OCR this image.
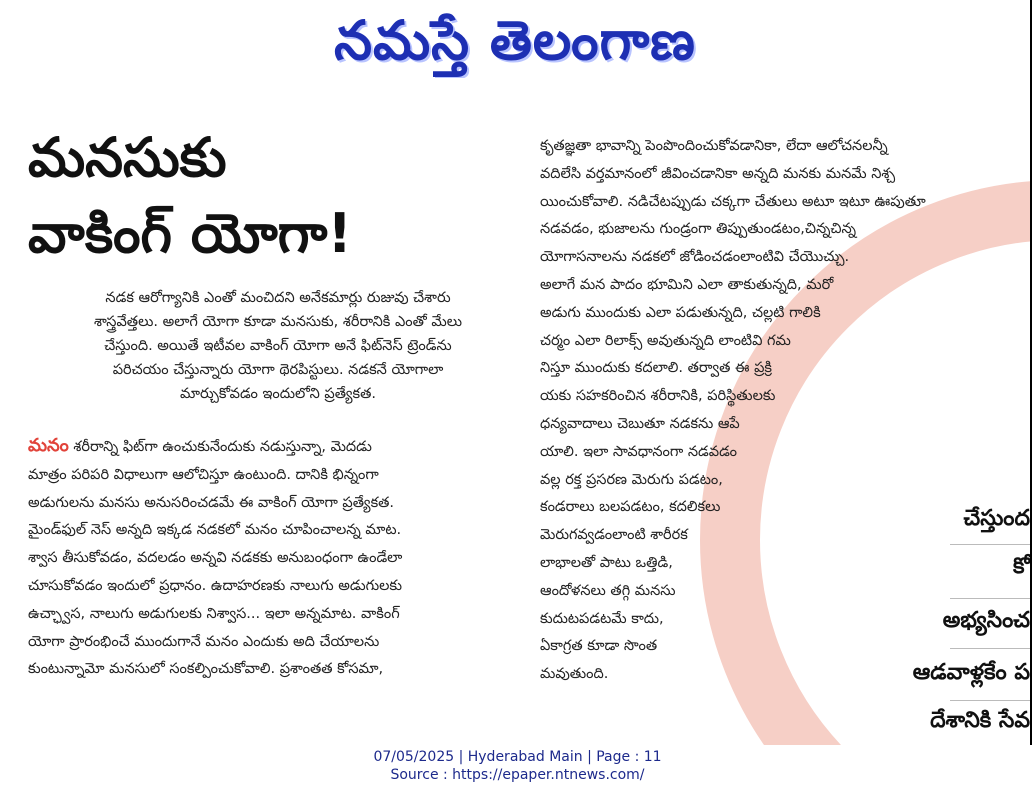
నమస్తే తెలంగాణ
మనసుకు
వాకింగ్ యోగా!
నడక ఆరోగ్యానికి ఎంతో మంచిదని అనేకమార్లు రుజువు చేశారు
శాస్త్రవేత్తలు. అలాగే యోగా కూడా మనసుకు, శరీరానికి ఎంతో మేలు
చేస్తుంది. అయితే ఇటీవల వాకింగ్ యోగా అనే ఫిట్‌నెస్ ట్రెండ్‌ను
పరిచయం చేస్తున్నారు యోగా థెరపిస్టులు. నడకనే యోగాలా
మార్చుకోవడం ఇందులోని ప్రత్యేకత.
మనం శరీరాన్ని ఫిట్‌గా ఉంచుకునేందుకు నడుస్తున్నా, మెదడు
మాత్రం పరిపరి విధాలుగా ఆలోచిస్తూ ఉంటుంది. దానికి భిన్నంగా
అడుగులను మనసు అనుసరించడమే ఈ వాకింగ్ యోగా ప్రత్యేకత.
మైండ్‌ఫుల్ నెస్ అన్నది ఇక్కడ నడకలో మనం చూపించాలన్న మాట.
శ్వాస తీసుకోవడం, వదలడం అన్నవి నడకకు అనుబంధంగా ఉండేలా
చూసుకోవడం ఇందులో ప్రధానం. ఉదాహరణకు నాలుగు అడుగులకు
ఉచ్ఛ్వాస, నాలుగు అడుగులకు నిశ్వాస... ఇలా అన్నమాట. వాకింగ్
యోగా ప్రారంభించే ముందుగానే మనం ఎందుకు అది చేయాలను
కుంటున్నామో మనసులో సంకల్పించుకోవాలి. ప్రశాంతత కోసమా,
కృతజ్ఞతా భావాన్ని పెంపొందించుకోవడానికా, లేదా ఆలోచనలన్నీ
వదిలేసి వర్తమానంలో జీవించడానికా అన్నది మనకు మనమే నిశ్చ
యించుకోవాలి. నడిచేటప్పుడు చక్కగా చేతులు అటూ ఇటూ ఊపుతూ
నడవడం, భుజాలను గుండ్రంగా తిప్పుతుండటం,చిన్నచిన్న
యోగాసనాలను నడకలో జోడించడంలాంటివి చేయొచ్చు.
అలాగే మన పాదం భూమిని ఎలా తాకుతున్నది, మరో
అడుగు ముందుకు ఎలా పడుతున్నది, చల్లటి గాలికి
చర్మం ఎలా రిలాక్స్ అవుతున్నది లాంటివి గమ
నిస్తూ ముందుకు కదలాలి. తర్వాత ఈ ప్రక్రి
యకు సహకరించిన శరీరానికి, పరిస్థితులకు
ధన్యవాదాలు చెబుతూ నడకను ఆపే
యాలి. ఇలా సావధానంగా నడవడం
వల్ల రక్త ప్రసరణ మెరుగు పడటం,
కండరాలు బలపడటం, కదలికలు
మెరుగవ్వడంలాంటి శారీరక
లాభాలతో పాటు ఒత్తిడి,
ఆందోళనలు తగ్గి మనసు
కుదుటపడటమే కాదు,
ఏకాగ్రత కూడా సొంత
మవుతుంది.
చేస్తుంద
కో
అభ్యసించ
ఆడవాళ్లకేం ప
దేశానికి సేవ
07/05/2025 | Hyderabad Main | Page : 11
Source : https://epaper.ntnews.com/
